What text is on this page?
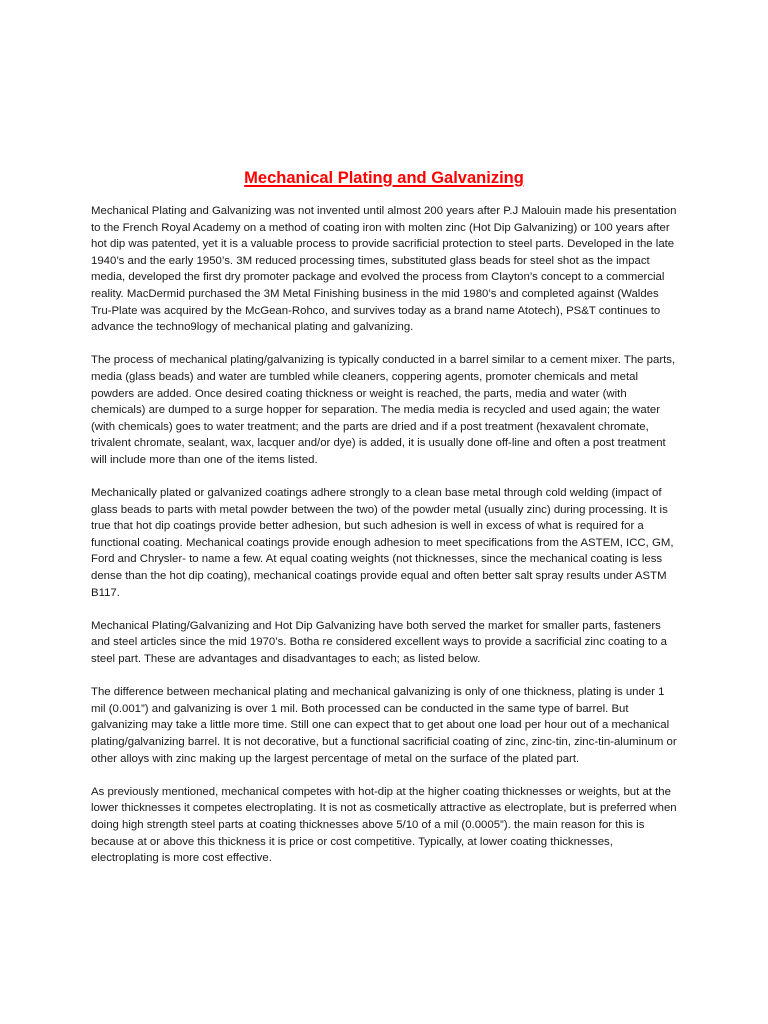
Mechanical Plating and Galvanizing

Mechanical Plating and Galvanizing was not invented until almost 200 years after P.J Malouin made his presentation to the French Royal Academy on a method of coating iron with molten zinc (Hot Dip Galvanizing) or 100 years after hot dip was patented, yet it is a valuable process to provide sacrificial protection to steel parts. Developed in the late 1940’s and the early 1950’s. 3M reduced processing times, substituted glass beads for steel shot as the impact media, developed the first dry promoter package and evolved the process from Clayton’s concept to a commercial reality. MacDermid purchased the 3M Metal Finishing business in the mid 1980’s and completed against (Waldes Tru-Plate was acquired by the McGean-Rohco, and survives today as a brand name Atotech), PS&T continues to advance the techno9logy of mechanical plating and galvanizing.

The process of mechanical plating/galvanizing is typically conducted in a barrel similar to a cement mixer. The parts, media (glass beads) and water are tumbled while cleaners, coppering agents, promoter chemicals and metal powders are added. Once desired coating thickness or weight is reached, the parts, media and water (with chemicals) are dumped to a surge hopper for separation. The media media is recycled and used again; the water (with chemicals) goes to water treatment; and the parts are dried and if a post treatment (hexavalent chromate, trivalent chromate, sealant, wax, lacquer and/or dye) is added, it is usually done off-line and often a post treatment will include more than one of the items listed.

Mechanically plated or galvanized coatings adhere strongly to a clean base metal through cold welding (impact of glass beads to parts with metal powder between the two) of the powder metal (usually zinc) during processing. It is true that hot dip coatings provide better adhesion, but such adhesion is well in excess of what is required for a functional coating. Mechanical coatings provide enough adhesion to meet specifications from the ASTEM, ICC, GM, Ford and Chrysler- to name a few. At equal coating weights (not thicknesses, since the mechanical coating is less dense than the hot dip coating), mechanical coatings provide equal and often better salt spray results under ASTM B117.

Mechanical Plating/Galvanizing and Hot Dip Galvanizing have both served the market for smaller parts, fasteners and steel articles since the mid 1970’s. Botha re considered excellent ways to provide a sacrificial zinc coating to a steel part. These are advantages and disadvantages to each; as listed below.

The difference between mechanical plating and mechanical galvanizing is only of one thickness, plating is under 1 mil (0.001”) and galvanizing is over 1 mil. Both processed can be conducted in the same type of barrel. But galvanizing may take a little more time. Still one can expect that to get about one load per hour out of a mechanical plating/galvanizing barrel. It is not decorative, but a functional sacrificial coating of zinc, zinc-tin, zinc-tin-aluminum or other alloys with zinc making up the largest percentage of metal on the surface of the plated part.

As previously mentioned, mechanical competes with hot-dip at the higher coating thicknesses or weights, but at the lower thicknesses it competes electroplating. It is not as cosmetically attractive as electroplate, but is preferred when doing high strength steel parts at coating thicknesses above 5/10 of a mil (0.0005”). the main reason for this is because at or above this thickness it is price or cost competitive. Typically, at lower coating thicknesses, electroplating is more cost effective.
